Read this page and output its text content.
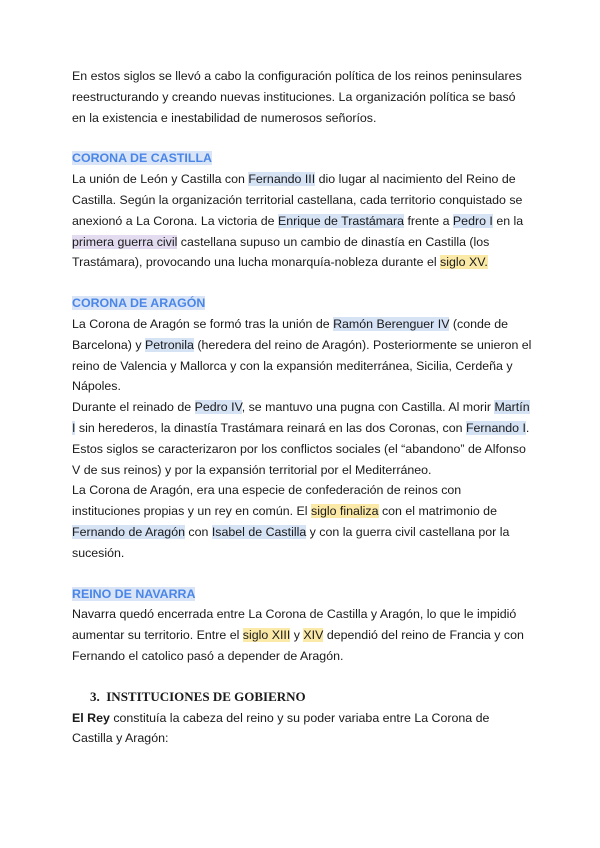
En estos siglos se llevó a cabo la configuración política de los reinos peninsulares reestructurando y creando nuevas instituciones. La organización política se basó en la existencia e inestabilidad de numerosos señoríos.

CORONA DE CASTILLA

La unión de León y Castilla con Fernando III dio lugar al nacimiento del Reino de Castilla. Según la organización territorial castellana, cada territorio conquistado se anexionó a La Corona. La victoria de Enrique de Trastámara frente a Pedro I en la primera guerra civil castellana supuso un cambio de dinastía en Castilla (los Trastámara), provocando una lucha monarquía-nobleza durante el siglo XV.

CORONA DE ARAGÓN

La Corona de Aragón se formó tras la unión de Ramón Berenguer IV (conde de Barcelona) y Petronila (heredera del reino de Aragón). Posteriormente se unieron el reino de Valencia y Mallorca y con la expansión mediterránea, Sicilia, Cerdeña y Nápoles.

Durante el reinado de Pedro IV, se mantuvo una pugna con Castilla. Al morir Martín I sin herederos, la dinastía Trastámara reinará en las dos Coronas, con Fernando I. Estos siglos se caracterizaron por los conflictos sociales (el “abandono” de Alfonso V de sus reinos) y por la expansión territorial por el Mediterráneo.

La Corona de Aragón, era una especie de confederación de reinos con instituciones propias y un rey en común. El siglo finaliza con el matrimonio de Fernando de Aragón con Isabel de Castilla y con la guerra civil castellana por la sucesión.

REINO DE NAVARRA

Navarra quedó encerrada entre La Corona de Castilla y Aragón, lo que le impidió aumentar su territorio. Entre el siglo XIII y XIV dependió del reino de Francia y con Fernando el catolico pasó a depender de Aragón.

3. INSTITUCIONES DE GOBIERNO

El Rey constituía la cabeza del reino y su poder variaba entre La Corona de Castilla y Aragón:
